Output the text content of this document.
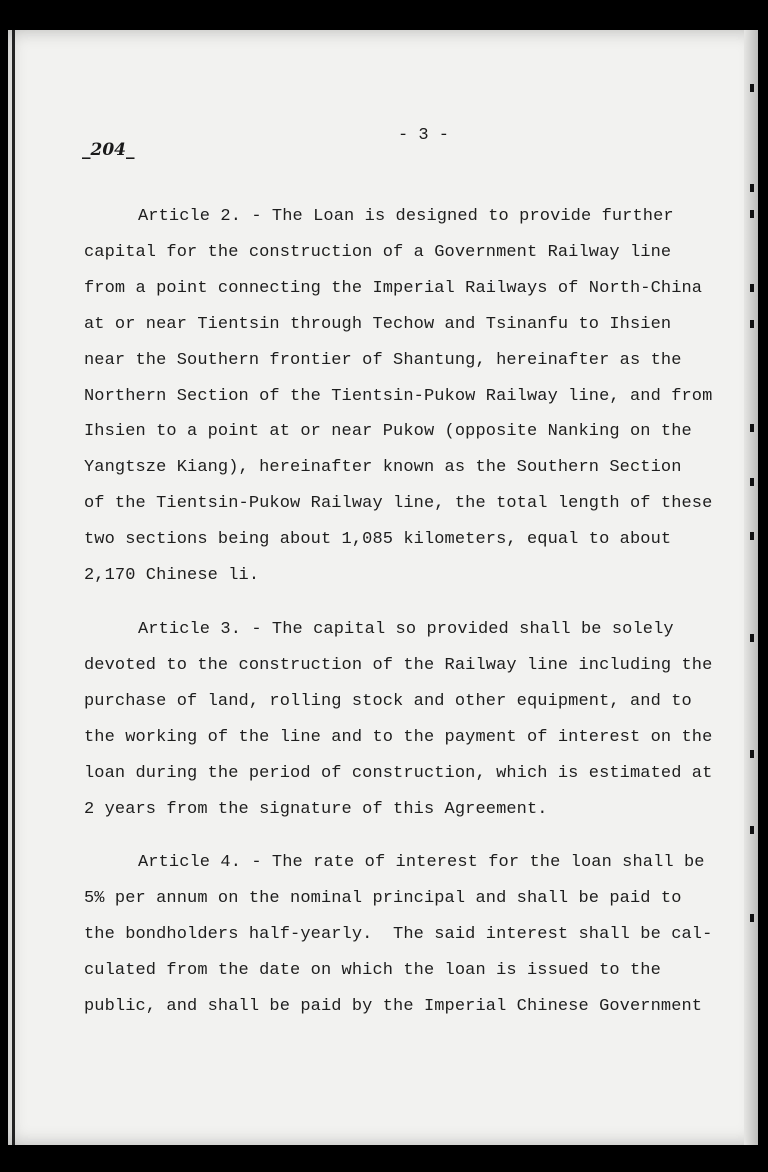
- 3 -
_204_
Article 2. - The Loan is designed to provide further
capital for the construction of a Government Railway line
from a point connecting the Imperial Railways of North-China
at or near Tientsin through Techow and Tsinanfu to Ihsien
near the Southern frontier of Shantung, hereinafter as the
Northern Section of the Tientsin-Pukow Railway line, and from
Ihsien to a point at or near Pukow (opposite Nanking on the
Yangtsze Kiang), hereinafter known as the Southern Section
of the Tientsin-Pukow Railway line, the total length of these
two sections being about 1,085 kilometers, equal to about
2,170 Chinese li.
Article 3. - The capital so provided shall be solely
devoted to the construction of the Railway line including the
purchase of land, rolling stock and other equipment, and to
the working of the line and to the payment of interest on the
loan during the period of construction, which is estimated at
2 years from the signature of this Agreement.
Article 4. - The rate of interest for the loan shall be
5% per annum on the nominal principal and shall be paid to
the bondholders half-yearly.  The said interest shall be cal-
culated from the date on which the loan is issued to the
public, and shall be paid by the Imperial Chinese Government
